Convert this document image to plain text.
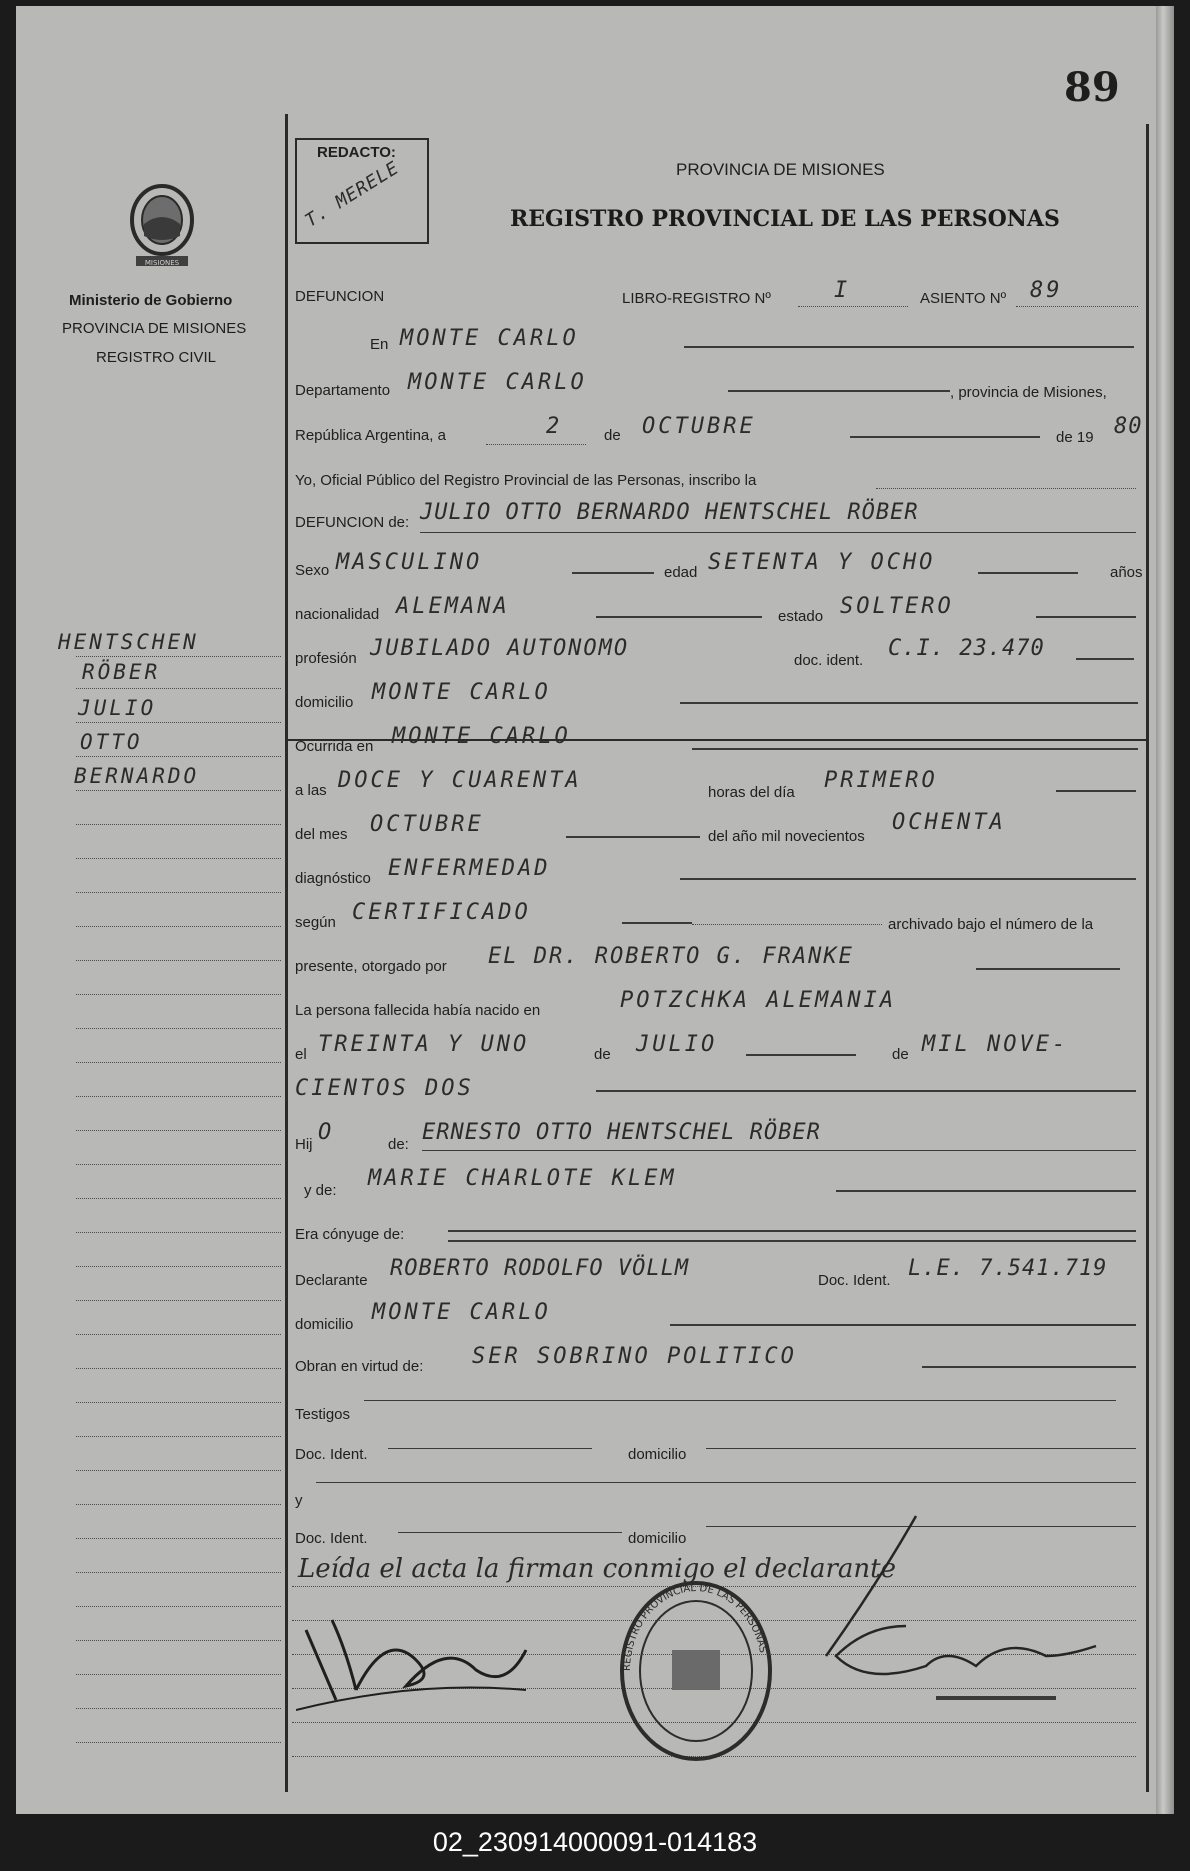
89
MISIONES
Ministerio de Gobierno
PROVINCIA DE MISIONES
REGISTRO CIVIL
HENTSCHEN
RÖBER
JULIO
OTTO
BERNARDO
REDACTO:
T. MERELE	PROVINCIA DE MISIONES
REGISTRO PROVINCIAL DE LAS PERSONAS
DEFUNCION	LIBRO-REGISTRO Nº	I	ASIENTO Nº 89
En MONTE CARLO
Departamento MONTE CARLO	, provincia de Misiones,
República Argentina, a	2	de OCTUBRE	de 19 80
Yo, Oficial Público del Registro Provincial de las Personas, inscribo la
DEFUNCION de: JULIO OTTO BERNARDO HENTSCHEL RÖBER
Sexo MASCULINO	edad SETENTA Y OCHO	años
nacionalidad ALEMANA	estado SOLTERO
profesión JUBILADO AUTONOMO	doc. ident. C.I. 23.470
domicilio MONTE CARLO
Ocurrida en MONTE CARLO
a las DOCE Y CUARENTA	horas del día PRIMERO
del mes OCTUBRE	del año mil novecientos
OCHENTA
diagnóstico ENFERMEDAD
según CERTIFICADO	archivado bajo el número de la
presente, otorgado por EL DR. ROBERTO G. FRANKE
La persona fallecida había nacido en	POTZCHKA ALEMANIA
el TREINTA Y UNO	de JULIO	de MIL NOVE-
CIENTOS DOS
Hij O	de: ERNESTO OTTO HENTSCHEL RÖBER
y de: MARIE CHARLOTE KLEM
Era cónyuge de:
Declarante ROBERTO RODOLFO VÖLLM	Doc. Ident. L.E. 7.541.719
domicilio MONTE CARLO
Obran en virtud de: SER SOBRINO POLITICO
Testigos
Doc. Ident.	domicilio
y
Doc. Ident.	domicilio
Leída el acta la firman conmigo el declarante
VVöllm
Gemeinde
REGISTRO PROVINCIAL DE LAS PERSONAS
02_230914000091-014183
